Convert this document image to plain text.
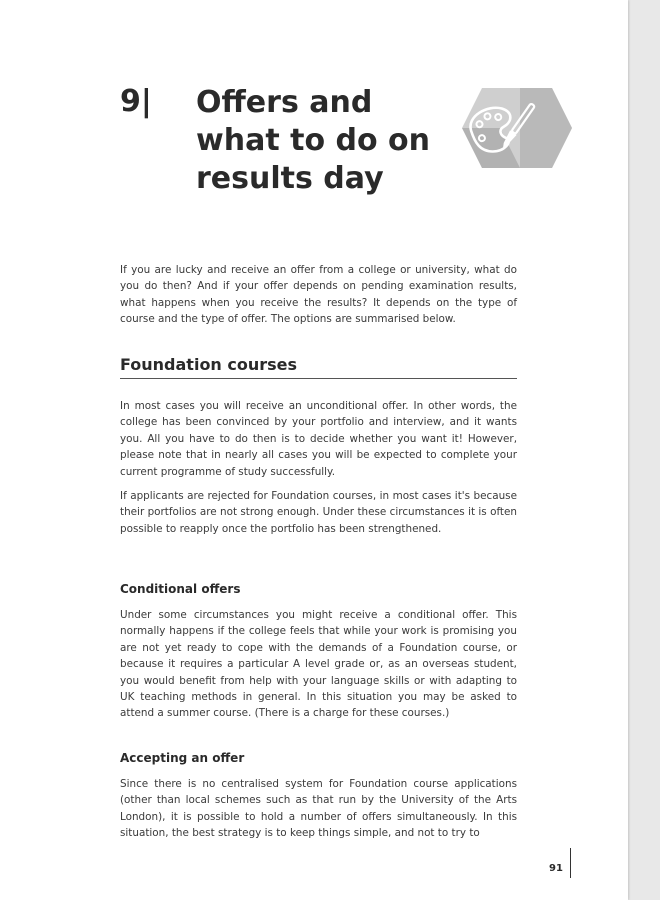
9| Offers and what to do on results day

If you are lucky and receive an offer from a college or university, what do you do then? And if your offer depends on pending examination results, what happens when you receive the results? It depends on the type of course and the type of offer. The options are summarised below.

Foundation courses

In most cases you will receive an unconditional offer. In other words, the college has been convinced by your portfolio and interview, and it wants you. All you have to do then is to decide whether you want it! However, please note that in nearly all cases you will be expected to complete your current programme of study successfully.

If applicants are rejected for Foundation courses, in most cases it's because their portfolios are not strong enough. Under these circumstances it is often possible to reapply once the portfolio has been strengthened.

Conditional offers

Under some circumstances you might receive a conditional offer. This normally happens if the college feels that while your work is promising you are not yet ready to cope with the demands of a Foundation course, or because it requires a particular A level grade or, as an overseas student, you would benefit from help with your language skills or with adapting to UK teaching methods in general. In this situation you may be asked to attend a summer course. (There is a charge for these courses.)

Accepting an offer

Since there is no centralised system for Foundation course applications (other than local schemes such as that run by the University of the Arts London), it is possible to hold a number of offers simultaneously. In this situation, the best strategy is to keep things simple, and not to try to

91
